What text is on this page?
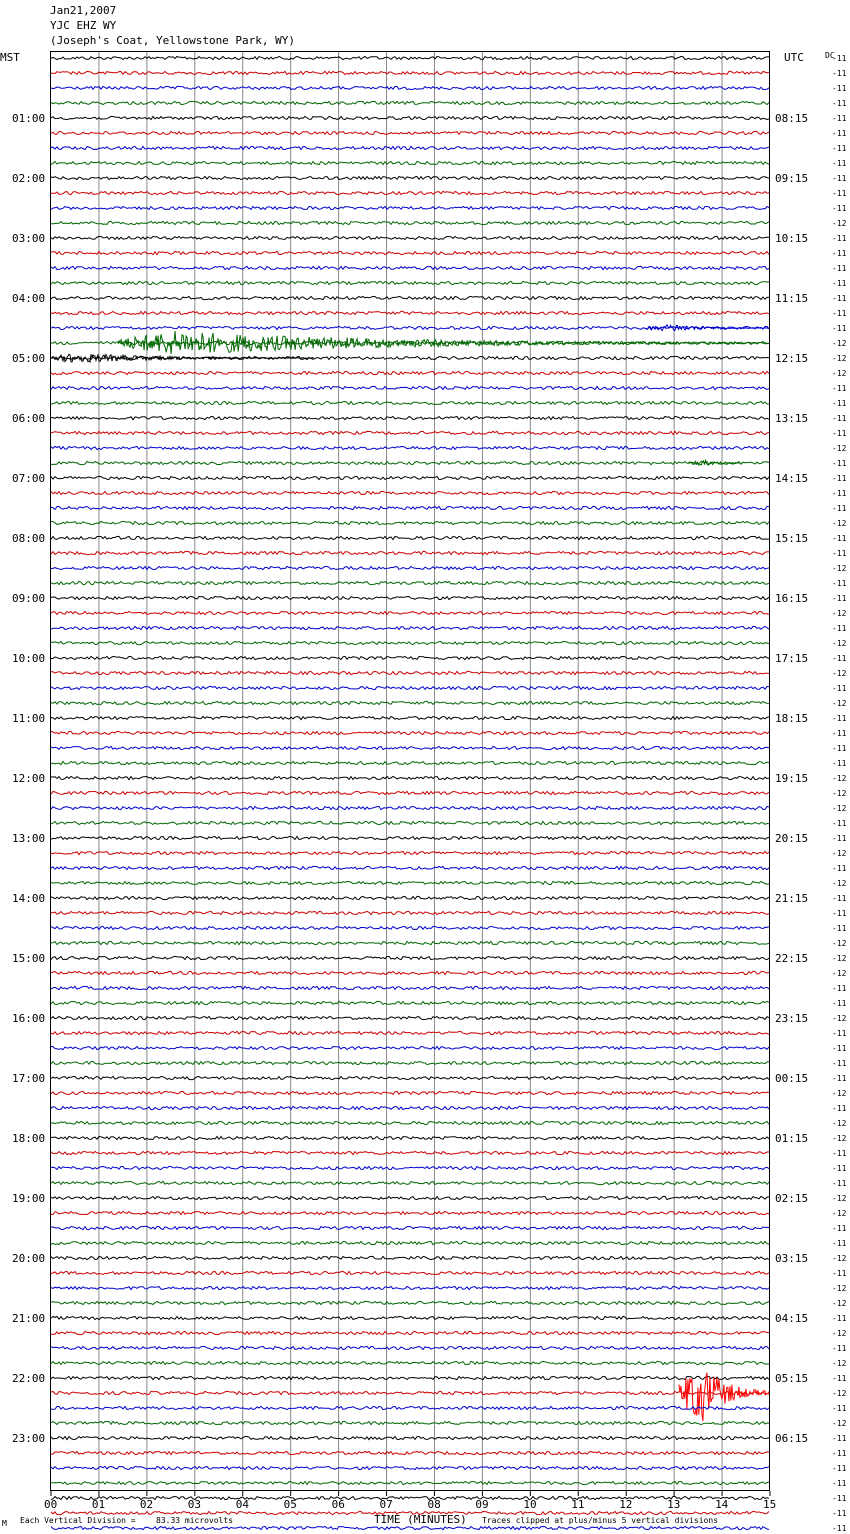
Jan21,2007
YJC EHZ WY
(Joseph's Coat, Yellowstone Park, WY)
01:00
02:00
03:00
04:00
05:00
06:00
07:00
08:00
09:00
10:00
11:00
12:00
13:00
14:00
15:00
16:00
17:00
18:00
19:00
20:00
21:00
22:00
23:00
08:15
09:15
10:15
11:15
12:15
13:15
14:15
15:15
16:15
17:15
18:15
19:15
20:15
21:15
22:15
23:15
00:15
01:15
02:15
03:15
04:15
05:15
06:15
-11
-11
-11
-11
-11
-11
-11
-11
-11
-11
-11
-12
-11
-11
-11
-11
-11
-11
-11
-12
-12
-12
-11
-11
-11
-11
-12
-11
-11
-11
-11
-12
-11
-11
-12
-11
-11
-12
-11
-12
-11
-12
-11
-12
-11
-11
-11
-11
-12
-12
-12
-11
-11
-12
-11
-12
-11
-11
-11
-12
-12
-12
-11
-11
-12
-11
-11
-11
-11
-12
-11
-12
-12
-11
-11
-11
-12
-12
-11
-11
-12
-11
-12
-12
-11
-12
-11
-12
-11
-12
-11
-12
-11
-11
-11
-11
-11
-11
-11
00	01	02	03	04	05	06	07	08	09	10	11	12	13	14	15
MST	UTC	DC
TIME (MINUTES)
M Each Vertical Division =	83.33 microvolts	Traces clipped at plus/minus 5 vertical divisions
